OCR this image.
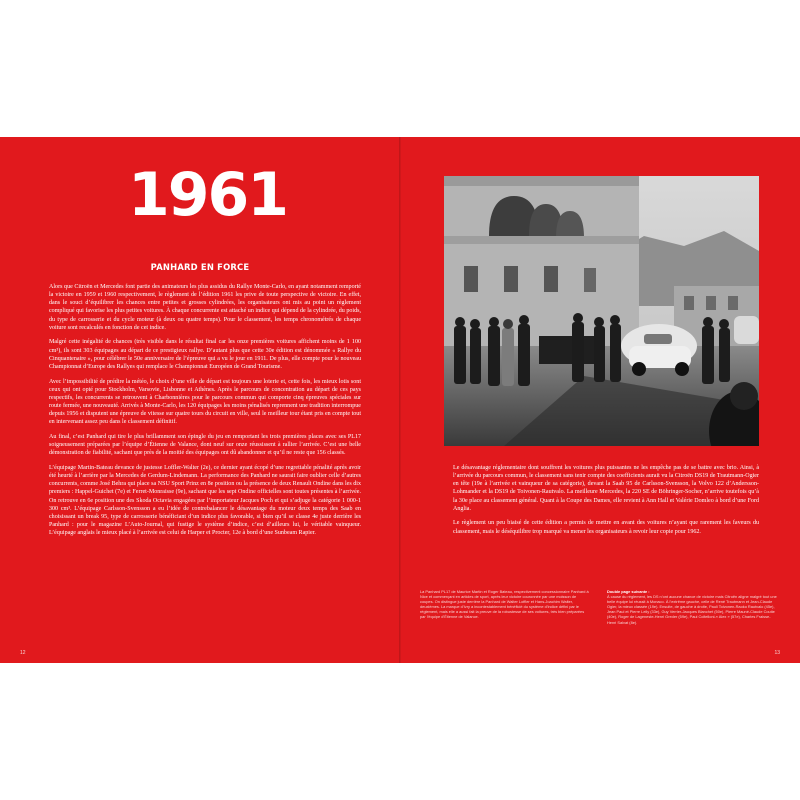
1961
PANHARD EN FORCE

Alors que Citroën et Mercedes font partie des animateurs les plus assidus du Rallye Monte-Carlo, en ayant notamment remporté la victoire en 1959 et 1960 respectivement, le règlement de l’édition 1961 les prive de toute perspective de victoire. En effet, dans le souci d’équilibrer les chances entre petites et grosses cylindrées, les organisateurs ont mis au point un règlement compliqué qui favorise les plus petites voitures. À chaque concurrente est attaché un indice qui dépend de la cylindrée, du poids, du type de carrosserie et du cycle moteur (à deux ou quatre temps). Pour le classement, les temps chronométrés de chaque voiture sont recalculés en fonction de cet indice.

Malgré cette inégalité de chances (très visible dans le résultat final car les onze premières voitures affichent moins de 1 100 cm³), ils sont 303 équipages au départ de ce prestigieux rallye. D’autant plus que cette 30e édition est dénommée « Rallye du Cinquantenaire », pour célébrer le 50e anniversaire de l’épreuve qui a vu le jour en 1911. De plus, elle compte pour le nouveau Championnat d’Europe des Rallyes qui remplace le Championnat Européen de Grand Tourisme.

Avec l’impossibilité de prédire la météo, le choix d’une ville de départ est toujours une loterie et, cette fois, les mieux lotis sont ceux qui ont opté pour Stockholm, Varsovie, Lisbonne et Athènes. Après le parcours de concentration au départ de ces pays respectifs, les concurrents se retrouvent à Charbonnières pour le parcours commun qui comporte cinq épreuves spéciales sur route fermée, une nouveauté. Arrivés à Monte-Carlo, les 120 équipages les moins pénalisés reprennent une tradition interrompue depuis 1956 et disputent une épreuve de vitesse sur quatre tours du circuit en ville, seul le meilleur tour étant pris en compte tout en intervenant assez peu dans le classement définitif.

Au final, c’est Panhard qui tire le plus brillamment son épingle du jeu en remportant les trois premières places avec ses PL17 soigneusement préparées par l’équipe d’Étienne de Valance, dont neuf sur onze réussissent à rallier l’arrivée. C’est une belle démonstration de fiabilité, sachant que près de la moitié des équipages ont dû abandonner et qu’il ne reste que 156 classés.

L’équipage Martin-Bateau devance de justesse Loffler-Walter (2e), ce dernier ayant écopé d’une regrettable pénalité après avoir été heurté à l’arrière par la Mercedes de Gerdum-Lindemann. La performance des Panhard ne saurait faire oublier celle d’autres concurrents, comme José Behra qui place sa NSU Sport Prinz en 8e position ou la présence de deux Renault Ondine dans les dix premiers : Happel-Guichet (7e) et Ferret-Monraisse (9e), sachant que les sept Ondine officielles sont toutes présentes à l’arrivée. On retrouve en 6e position une des Skoda Octavia engagées par l’importateur Jacques Poch et qui s’adjuge la catégorie 1 000-1 300 cm³. L’équipage Carlsson-Svensson a eu l’idée de contrebalancer le désavantage du moteur deux temps des Saab en choisissant un break 95, type de carrosserie bénéficiant d’un indice plus favorable, si bien qu’il se classe 4e juste derrière les Panhard : pour le magazine L’Auto-Journal, qui fustige le système d’indice, c’est d’ailleurs lui, le véritable vainqueur. L’équipage anglais le mieux placé à l’arrivée est celui de Harper et Procter, 12e à bord d’une Sunbeam Rapier.

Le désavantage réglementaire dont souffrent les voitures plus puissantes ne les empêche pas de se battre avec brio. Ainsi, à l’arrivée du parcours commun, le classement sans tenir compte des coefficients aurait vu la Citroën DS19 de Trautmann-Ogier en tête (19e à l’arrivée et vainqueur de sa catégorie), devant la Saab 95 de Carlsson-Svensson, la Volvo 122 d’Andersson-Lohmander et la DS19 de Toivonen-Rautvalo. La meilleure Mercedes, la 220 SE de Böhringer-Socher, n’arrive toutefois qu’à la 30e place au classement général. Quant à la Coupe des Dames, elle revient à Ann Hall et Valérie Domleo à bord d’une Ford Anglia.

Le règlement un peu biaisé de cette édition a permis de mettre en avant des voitures n’ayant que rarement les faveurs du classement, mais le déséquilibre trop marqué va mener les organisateurs à revoir leur copie pour 1962.

La Panhard PL17 de Maurice Martin et Roger Bateau, respectivement concessionnaire Panhard à Nice et commerçant en articles de sport, après leur victoire couronnée par une moisson de coupes. On distingue juste derrière la Panhard de Walter Loffler et Hans-Joachim Walter, deuxièmes. La marque d’Ivry a incontestablement bénéficié du système d’indice défini par le règlement, mais elle a aussi fait la preuve de la robustesse de ses voitures, très bien préparées par l’équipe d’Étienne de Valance.
Double page suivante :
À cause du règlement, les DS n’ont aucune chance de victoire mais Citroën aligne malgré tout une belle équipe lui réussit à Monaco. À l’extrême gauche, celle de René Trautmann et Jean-Claude Ogier, la mieux classée (19e). Ensuite, de gauche à droite, Pauli Toivonen-Raoko Rautvalo (45e), Jean Paul et Pierre Lelly (33e), Guy Verrier-Jacques Blanchet (50e), Pierre Mauné-Claude Coutie (40e), Roger de Lageneste-Henri Greder (59e), Paul Coltelloni-« Alex » (57e), Charles Fraisse-Henri Salvat (8e).
12	13
